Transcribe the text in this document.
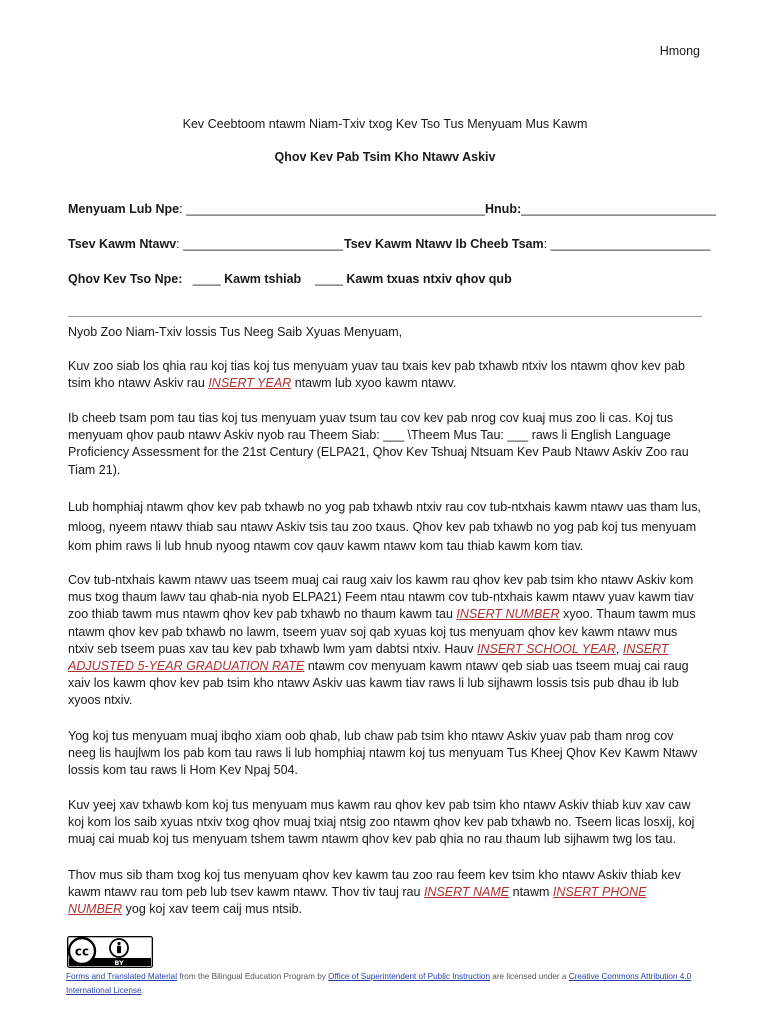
Hmong
Kev Ceebtoom ntawm Niam-Txiv txog Kev Tso Tus Menyuam Mus Kawm
Qhov Kev Pab Tsim Kho Ntawv Askiv
Menyuam Lub Npe: ___________________________________________Hnub:____________________________
Tsev Kawm Ntawv: _______________________ Tsev Kawm Ntawv Ib Cheeb Tsam: _______________________
Qhov Kev Tso Npe: ____ Kawm tshiab ____ Kawm txuas ntxiv qhov qub
Nyob Zoo Niam-Txiv lossis Tus Neeg Saib Xyuas Menyuam,
Kuv zoo siab los qhia rau koj tias koj tus menyuam yuav tau txais kev pab txhawb ntxiv los ntawm qhov kev pab tsim kho ntawv Askiv rau INSERT YEAR ntawm lub xyoo kawm ntawv.
Ib cheeb tsam pom tau tias koj tus menyuam yuav tsum tau cov kev pab nrog cov kuaj mus zoo li cas. Koj tus menyuam qhov paub ntawv Askiv nyob rau Theem Siab: ___ \Theem Mus Tau: ___ raws li English Language Proficiency Assessment for the 21st Century (ELPA21, Qhov Kev Tshuaj Ntsuam Kev Paub Ntawv Askiv Zoo rau Tiam 21).
Lub homphiaj ntawm qhov kev pab txhawb no yog pab txhawb ntxiv rau cov tub-ntxhais kawm ntawv uas tham lus, mloog, nyeem ntawv thiab sau ntawv Askiv tsis tau zoo txaus. Qhov kev pab txhawb no yog pab koj tus menyuam kom phim raws li lub hnub nyoog ntawm cov qauv kawm ntawv kom tau thiab kawm kom tiav.
Cov tub-ntxhais kawm ntawv uas tseem muaj cai raug xaiv los kawm rau qhov kev pab tsim kho ntawv Askiv kom mus txog thaum lawv tau qhab-nia nyob ELPA21) Feem ntau ntawm cov tub-ntxhais kawm ntawv yuav kawm tiav zoo thiab tawm mus ntawm qhov kev pab txhawb no thaum kawm tau INSERT NUMBER xyoo. Thaum tawm mus ntawm qhov kev pab txhawb no lawm, tseem yuav soj qab xyuas koj tus menyuam qhov kev kawm ntawv mus ntxiv seb tseem puas xav tau kev pab txhawb lwm yam dabtsi ntxiv. Hauv INSERT SCHOOL YEAR, INSERT ADJUSTED 5-YEAR GRADUATION RATE ntawm cov menyuam kawm ntawv qeb siab uas tseem muaj cai raug xaiv los kawm qhov kev pab tsim kho ntawv Askiv uas kawm tiav raws li lub sijhawm lossis tsis pub dhau ib lub xyoos ntxiv.
Yog koj tus menyuam muaj ibqho xiam oob qhab, lub chaw pab tsim kho ntawv Askiv yuav pab tham nrog cov neeg lis haujlwm los pab kom tau raws li lub homphiaj ntawm koj tus menyuam Tus Kheej Qhov Kev Kawm Ntawv lossis kom tau raws li Hom Kev Npaj 504.
Kuv yeej xav txhawb kom koj tus menyuam mus kawm rau qhov kev pab tsim kho ntawv Askiv thiab kuv xav caw koj kom los saib xyuas ntxiv txog qhov muaj txiaj ntsig zoo ntawm qhov kev pab txhawb no. Tseem licas losxij, koj muaj cai muab koj tus menyuam tshem tawm ntawm qhov kev pab qhia no rau thaum lub sijhawm twg los tau.
Thov mus sib tham txog koj tus menyuam qhov kev kawm tau zoo rau feem kev tsim kho ntawv Askiv thiab kev kawm ntawv rau tom peb lub tsev kawm ntawv. Thov tiv tauj rau INSERT NAME ntawm INSERT PHONE NUMBER yog koj xav teem caij mus ntsib.
cc
BY
Forms and Translated Material from the Bilingual Education Program by Office of Superintendent of Public Instruction are licensed under a Creative Commons Attribution 4.0 International License.
